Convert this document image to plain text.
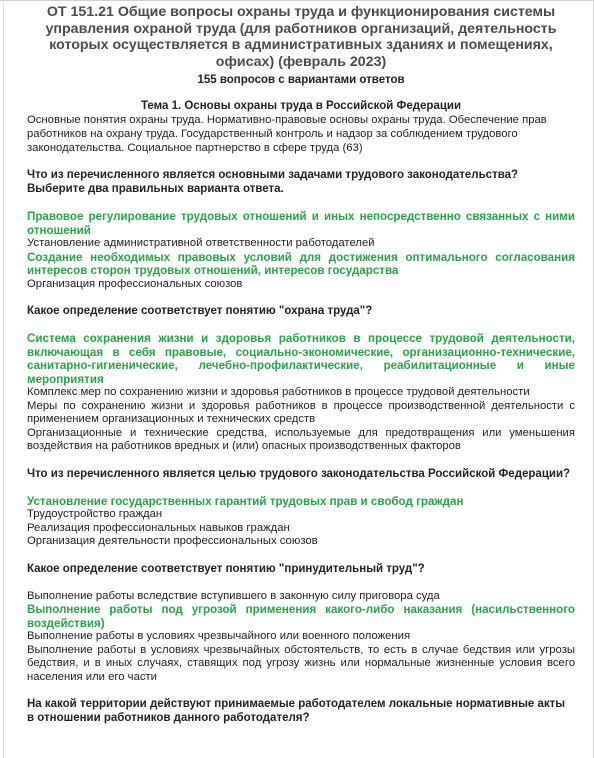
ОТ 151.21 Общие вопросы охраны труда и функционирования системы управления охраной труда (для работников организаций, деятельность которых осуществляется в административных зданиях и помещениях, офисах) (февраль 2023)

155 вопросов с вариантами ответов

Тема 1. Основы охраны труда в Российской Федерации

Основные понятия охраны труда. Нормативно-правовые основы охраны труда. Обеспечение прав работников на охрану труда. Государственный контроль и надзор за соблюдением трудового законодательства. Социальное партнерство в сфере труда (63)

Что из перечисленного является основными задачами трудового законодательства? Выберите два правильных варианта ответа.

Правовое регулирование трудовых отношений и иных непосредственно связанных с ними отношений

Установление административной ответственности работодателей

Создание необходимых правовых условий для достижения оптимального согласования интересов сторон трудовых отношений, интересов государства

Организация профессиональных союзов

Какое определение соответствует понятию "охрана труда"?

Система сохранения жизни и здоровья работников в процессе трудовой деятельности, включающая в себя правовые, социально-экономические, организационно-технические, санитарно-гигиенические, лечебно-профилактические, реабилитационные и иные мероприятия

Комплекс мер по сохранению жизни и здоровья работников в процессе трудовой деятельности

Меры по сохранению жизни и здоровья работников в процессе производственной деятельности с применением организационных и технических средств

Организационные и технические средства, используемые для предотвращения или уменьшения воздействия на работников вредных и (или) опасных производственных факторов

Что из перечисленного является целью трудового законодательства Российской Федерации?

Установление государственных гарантий трудовых прав и свобод граждан

Трудоустройство граждан

Реализация профессиональных навыков граждан

Организация деятельности профессиональных союзов

Какое определение соответствует понятию "принудительный труд"?

Выполнение работы вследствие вступившего в законную силу приговора суда

Выполнение работы под угрозой применения какого-либо наказания (насильственного воздействия)

Выполнение работы в условиях чрезвычайного или военного положения

Выполнение работы в условиях чрезвычайных обстоятельств, то есть в случае бедствия или угрозы бедствия, и в иных случаях, ставящих под угрозу жизнь или нормальные жизненные условия всего населения или его части

На какой территории действуют принимаемые работодателем локальные нормативные акты в отношении работников данного работодателя?
